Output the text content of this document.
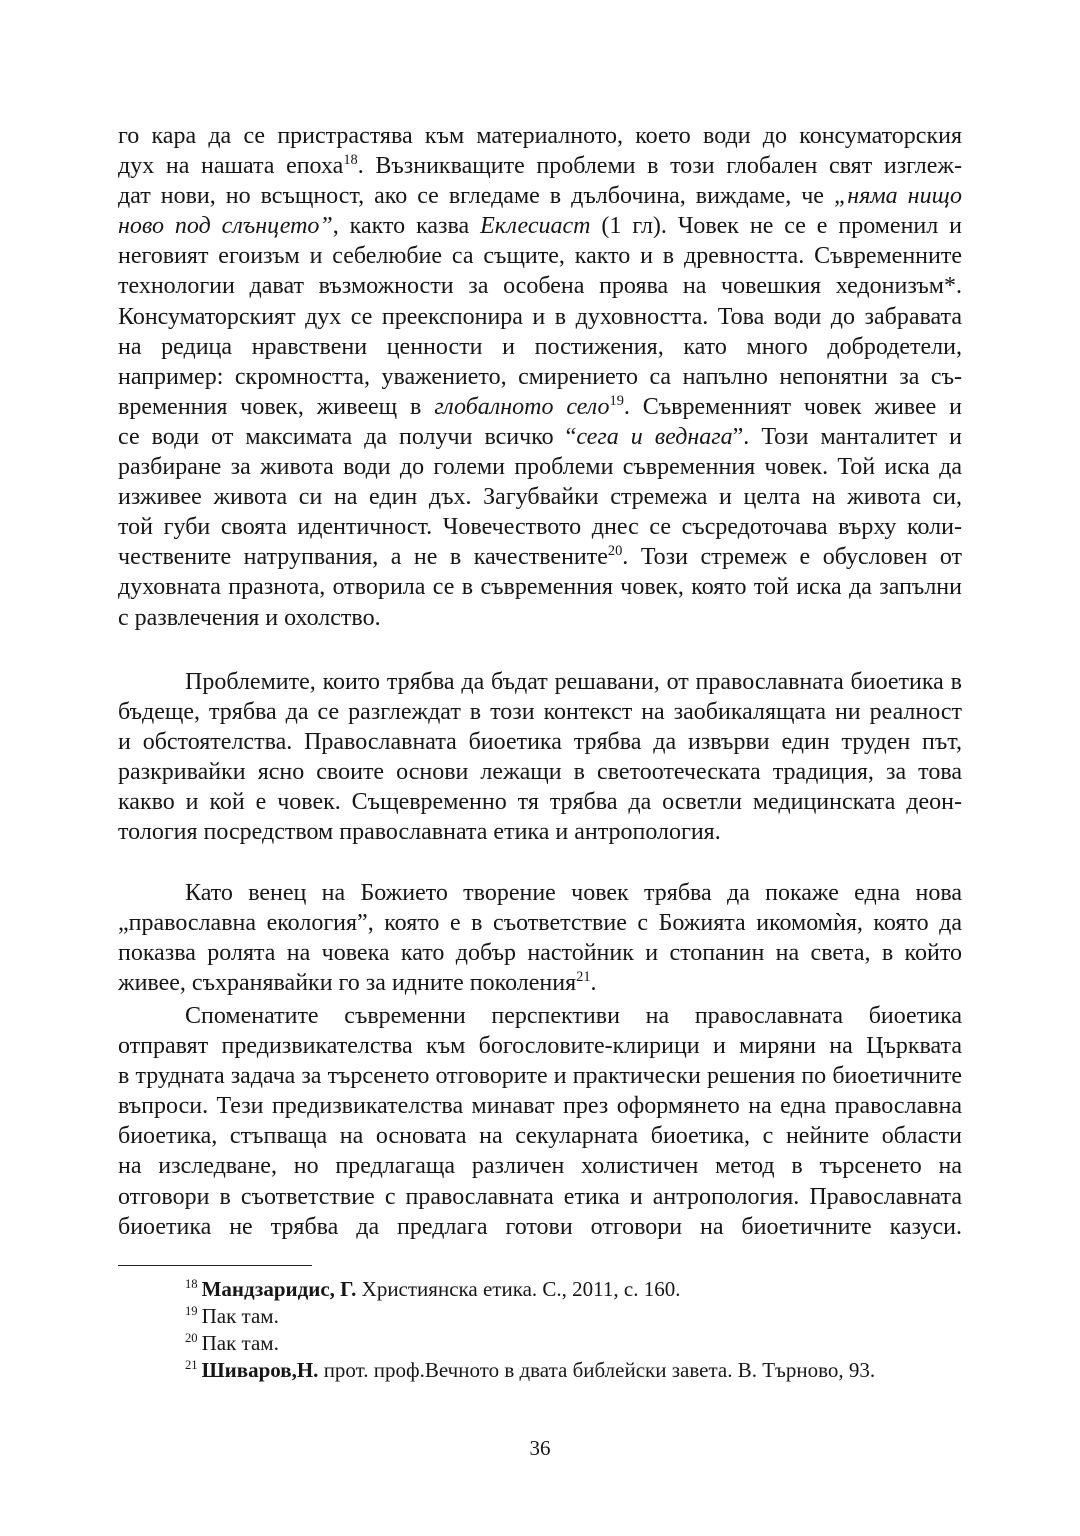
го кара да се пристрастява към материалното, което води до консуматорския
дух на нашата епоха$^{18}$. Възникващите проблеми в този глобален свят изглеж-
дат нови, но всъщност, ако се вгледаме в дълбочина, виждаме, че „няма нищо
ново под слънцето”, както казва Еклесиаст (1 гл). Човек не се е променил и
неговият егоизъм и себелюбие са същите, както и в древността. Съвременните
технологии дават възможности за особена проява на човешкия хедонизъм*.
Консуматорският дух се преекспонира и в духовността. Това води до забравата
на редица нравствени ценности и постижения, като много добродетели,
например: скромността, уважението, смирението са напълно непонятни за съ-
временния човек, живеещ в глобалното село$^{19}$. Съвременният човек живее и
се води от максимата да получи всичко “сега и веднага”. Този манталитет и
разбиране за живота води до големи проблеми съвременния човек. Той иска да
изживее живота си на един дъх. Загубвайки стремежа и целта на живота си,
той губи своята идентичност. Човечеството днес се съсредоточава върху коли-
чествените натрупвания, а не в качествените$^{20}$. Този стремеж е обусловен от
духовната празнота, отворила се в съвременния човек, която той иска да запълни
с развлечения и охолство.
Проблемите, които трябва да бъдат решавани, от православната биоетика в
бъдеще, трябва да се разглеждат в този контекст на заобикалящата ни реалност
и обстоятелства. Православната биоетика трябва да извърви един труден път,
разкривайки ясно своите основи лежащи в светоотеческата традиция, за това
какво и кой е човек. Същевременно тя трябва да осветли медицинската деон-
тология посредством православната етика и антропология.
Като венец на Божието творение човек трябва да покаже една нова
„православна екология”, която е в съответствие с Божията икомомѝя, която да
показва ролята на човека като добър настойник и стопанин на света, в който
живее, съхранявайки го за идните поколения$^{21}$.
Споменатите съвременни перспективи на православната биоетика
отправят предизвикателства към богословите-клирици и миряни на Църквата
в трудната задача за търсенето отговорите и практически решения по биоетичните
въпроси. Тези предизвикателства минават през оформянето на една православна
биоетика, стъпваща на основата на секуларната биоетика, с нейните области
на изследване, но предлагаща различен холистичен метод в търсенето на
отговори в съответствие с православната етика и антропология. Православната
биоетика не трябва да предлага готови отговори на биоетичните казуси.
$^{18}$ Мандзаридис, Г. Християнска етика. С., 2011, с. 160.
$^{19}$ Пак там.
$^{20}$ Пак там.
$^{21}$ Шиваров,Н. прот. проф.Вечното в двата библейски завета. В. Търново, 93.
36
